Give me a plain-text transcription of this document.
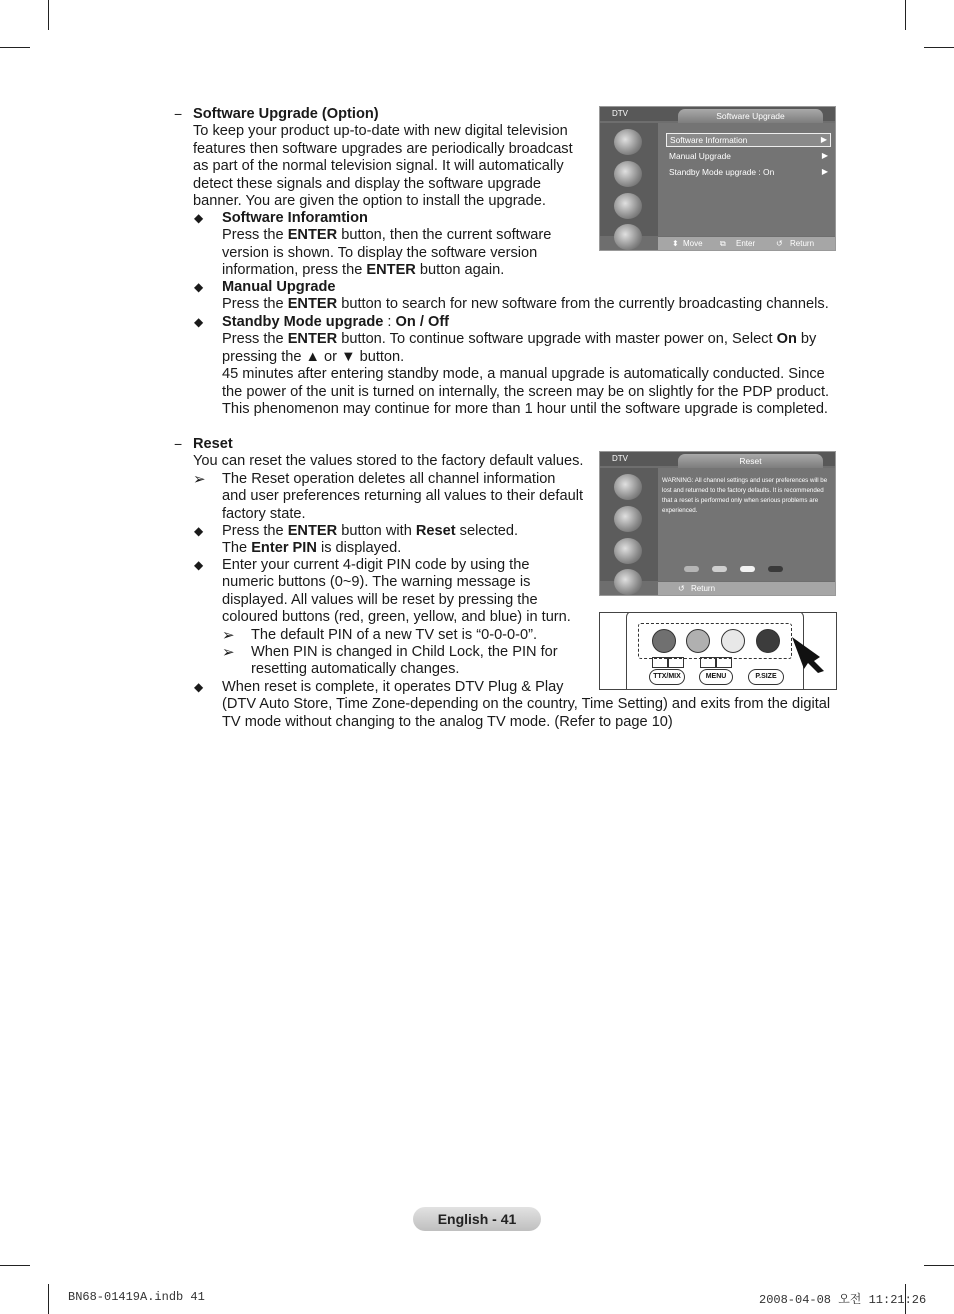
− Software Upgrade (Option)
To keep your product up-to-date with new digital television
features then software upgrades are periodically broadcast
as part of the normal television signal. It will automatically
detect these signals and display the software upgrade
banner. You are given the option to install the upgrade.
◆ Software Inforamtion
Press the ENTER button, then the current software
version is shown. To display the software version
information, press the ENTER button again.
◆ Manual Upgrade
Press the ENTER button to search for new software from the currently broadcasting channels.
◆ Standby Mode upgrade : On / Off
Press the ENTER button. To continue software upgrade with master power on, Select On by
pressing the ▲ or ▼ button.
45 minutes after entering standby mode, a manual upgrade is automatically conducted. Since
the power of the unit is turned on internally, the screen may be on slightly for the PDP product.
This phenomenon may continue for more than 1 hour until the software upgrade is completed.
DTV	Software Upgrade
Software Information	▶
Manual Upgrade	▶
Standby Mode upgrade : On	▶
⬍ Move ⧉ Enter	↺ Return
− Reset
You can reset the values stored to the factory default values.
➢ The Reset operation deletes all channel information
and user preferences returning all values to their default
factory state.
◆ Press the ENTER button with Reset selected.
The Enter PIN is displayed.
◆ Enter your current 4-digit PIN code by using the
numeric buttons (0~9). The warning message is
displayed. All values will be reset by pressing the
coloured buttons (red, green, yellow, and blue) in turn.
➢ The default PIN of a new TV set is “0-0-0-0”.
➢ When PIN is changed in Child Lock, the PIN for
resetting automatically changes.
◆ When reset is complete, it operates DTV Plug & Play
(DTV Auto Store, Time Zone-depending on the country, Time Setting) and exits from the digital
TV mode without changing to the analog TV mode. (Refer to page 10)
DTV	Reset
WARNING: All channel settings and user preferences will be
lost and returned to the factory defaults. It is recommended
that a reset is performed only when serious problems are
experienced.
↺ Return
TTX/MIX	MENU	P.SIZE
English - 41
BN68-01419A.indb 41	2008-04-08 오전 11:21:26
